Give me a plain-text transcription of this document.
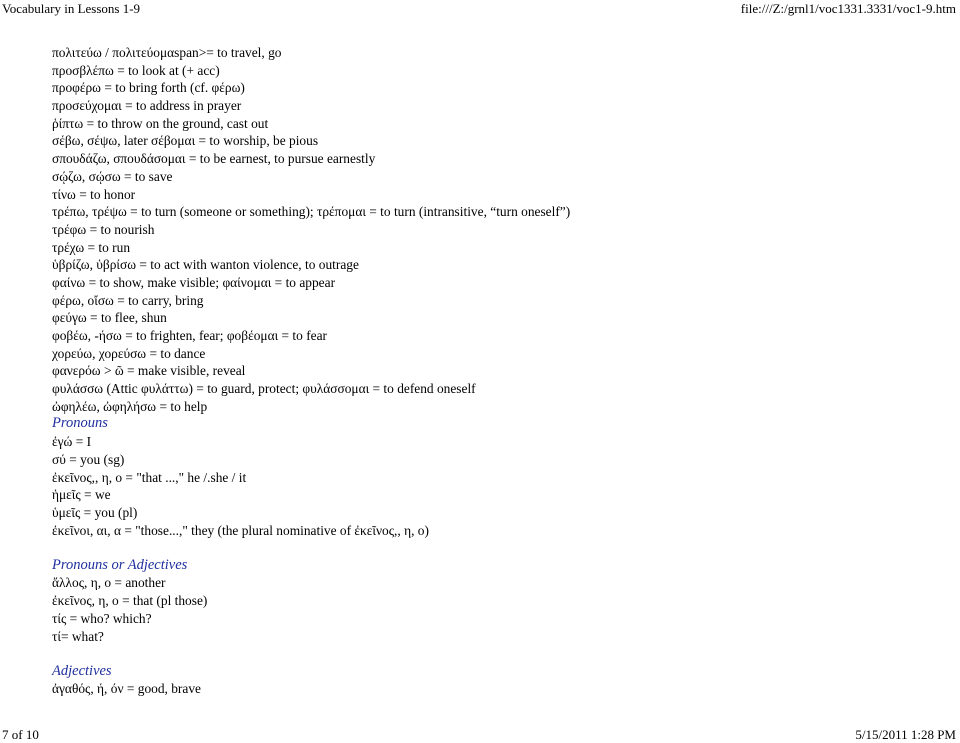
Vocabulary in Lessons 1-9	file:///Z:/grnl1/voc1331.3331/voc1-9.htm
πολιτεύω / πολιτεύομαspan>= to travel, go
προσβλέπω = to look at (+ acc)
προφέρω = to bring forth (cf. φέρω)
προσεύχομαι = to address in prayer
ῥίπτω = to throw on the ground, cast out
σέβω, σέψω, later σέβομαι = to worship, be pious
σπουδάζω, σπουδάσομαι = to be earnest, to pursue earnestly
σῴζω, σῴσω = to save
τίνω = to honor
τρέπω, τρέψω = to turn (someone or something); τρέπομαι = to turn (intransitive, “turn oneself”)
τρέφω = to nourish
τρέχω = to run
ὑβρίζω, ὑβρίσω = to act with wanton violence, to outrage
φαίνω = to show, make visible; φαίνομαι = to appear
φέρω, οἴσω = to carry, bring
φεύγω = to flee, shun
φοβέω, -ήσω = to frighten, fear; φοβέομαι = to fear
χορεύω, χορεύσω = to dance
φανερόω > ῶ = make visible, reveal
φυλάσσω (Attic φυλάττω) = to guard, protect; φυλάσσομαι = to defend oneself
ὠφηλέω, ὠφηλήσω = to help
Pronouns
ἐγώ = I
σύ = you (sg)
ἐκεῖνος,, η, ο = "that ...," he /.she / it
ἡμεῖς = we
ὑμεῖς = you (pl)
ἐκεῖνοι, αι, α = "those...," they (the plural nominative of ἐκεῖνος,, η, ο)
Pronouns or Adjectives
ἄλλος, η, ο = another
ἐκεῖνος, η, ο = that (pl those)
τίς = who? which?
τί= what?
Adjectives
ἀγαθός, ή, όν = good, brave
7 of 10	5/15/2011 1:28 PM
